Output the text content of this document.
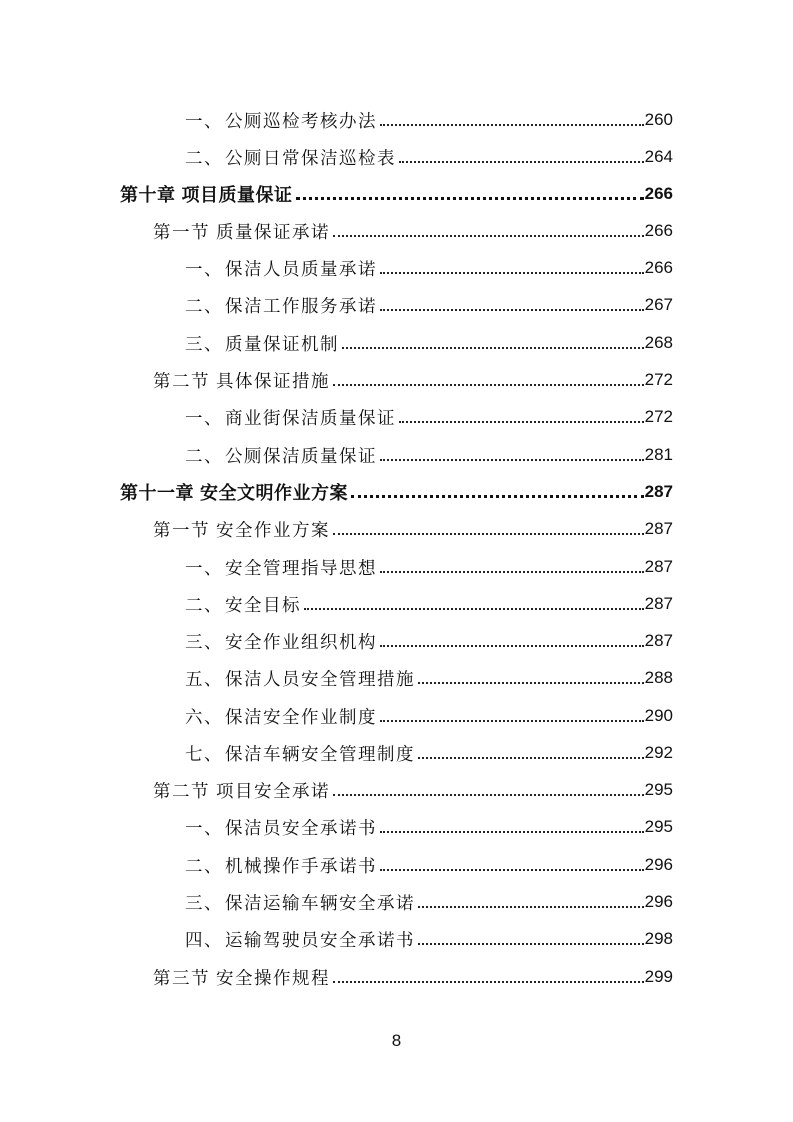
一、 公厕巡检考核办法	260
二、 公厕日常保洁巡检表	264
第十章 项目质量保证	266
第一节 质量保证承诺	266
一、 保洁人员质量承诺	266
二、 保洁工作服务承诺	267
三、 质量保证机制	268
第二节 具体保证措施	272
一、 商业街保洁质量保证	272
二、 公厕保洁质量保证	281
第十一章 安全文明作业方案	287
第一节 安全作业方案	287
一、 安全管理指导思想	287
二、 安全目标	287
三、 安全作业组织机构	287
五、 保洁人员安全管理措施	288
六、 保洁安全作业制度	290
七、 保洁车辆安全管理制度	292
第二节 项目安全承诺	295
一、 保洁员安全承诺书	295
二、 机械操作手承诺书	296
三、 保洁运输车辆安全承诺	296
四、 运输驾驶员安全承诺书	298
第三节 安全操作规程	299
8
